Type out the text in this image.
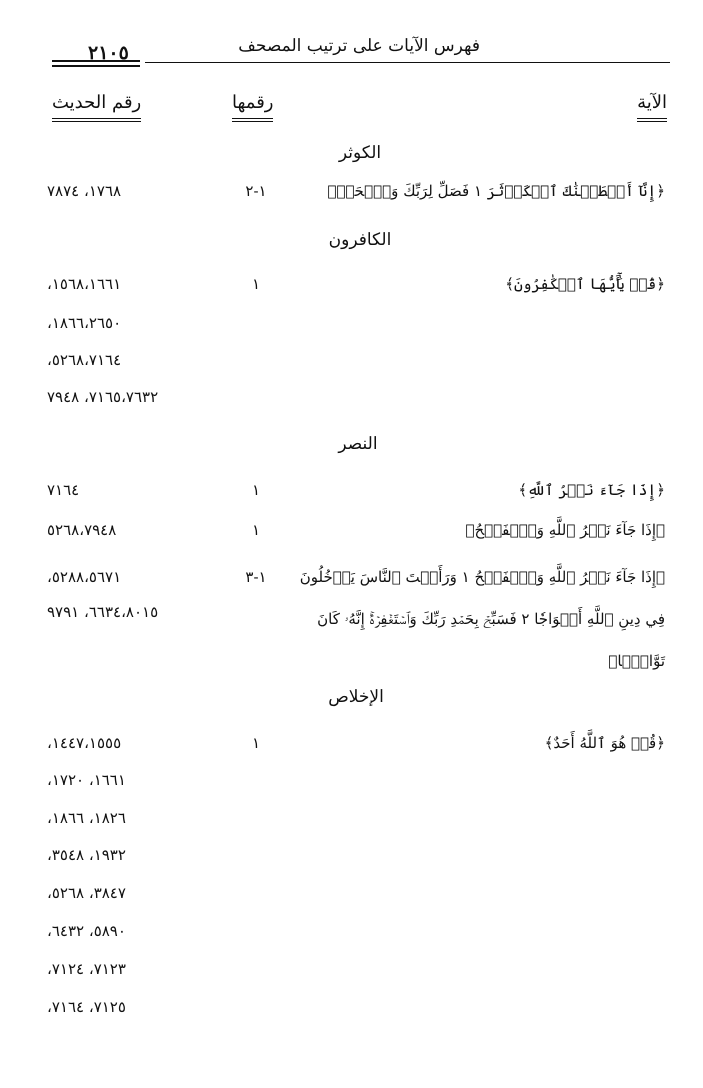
فهرس الآيات على ترتيب المصحف
٢١٠٥
الآية
رقمها
رقم الحديث
الكوثر
﴿إِنَّآ أَعۡطَيۡنَٰكَ ٱلۡكَوۡثَرَ ١ فَصَلِّ لِرَبِّكَ وَٱنۡحَرۡ﴾
١-٢
١٧٦٨، ٧٨٧٤
الكافرون
﴿قُلۡ يَٰٓأَيُّهَا ٱلۡكَٰفِرُونَ﴾
١
١٥٦٨،١٦٦١،
١٨٦٦،٢٦٥٠،
٥٢٦٨،٧١٦٤،
٧١٦٥،٧٦٣٢، ٧٩٤٨
النصر
﴿إِذَا جَآءَ نَصۡرُ ٱللَّهِ﴾
١
٧١٦٤
﴿إِذَا جَآءَ نَصۡرُ ٱللَّهِ وَٱلۡفَتۡحُ﴾
١
٥٢٦٨،٧٩٤٨
﴿إِذَا جَآءَ نَصۡرُ ٱللَّهِ وَٱلۡفَتۡحُ ١ وَرَأَيۡتَ ٱلنَّاسَ يَدۡخُلُونَ
فِي دِينِ ٱللَّهِ أَفۡوَاجٗا ٢ فَسَبِّحۡ بِحَمۡدِ رَبِّكَ وَٱسۡتَغۡفِرۡهُۚ إِنَّهُۥ كَانَ
تَوَّابَۢا﴾
١-٣
٥٢٨٨،٥٦٧١،
٦٦٣٤،٨٠١٥، ٩٧٩١
الإخلاص
﴿قُلۡ هُوَ ٱللَّهُ أَحَدٌ﴾
١
١٤٤٧،١٥٥٥،
١٦٦١، ١٧٢٠،
١٨٢٦، ١٨٦٦،
١٩٣٢، ٣٥٤٨،
٣٨٤٧، ٥٢٦٨،
٥٨٩٠، ٦٤٣٢،
٧١٢٣، ٧١٢٤،
٧١٢٥، ٧١٦٤،
